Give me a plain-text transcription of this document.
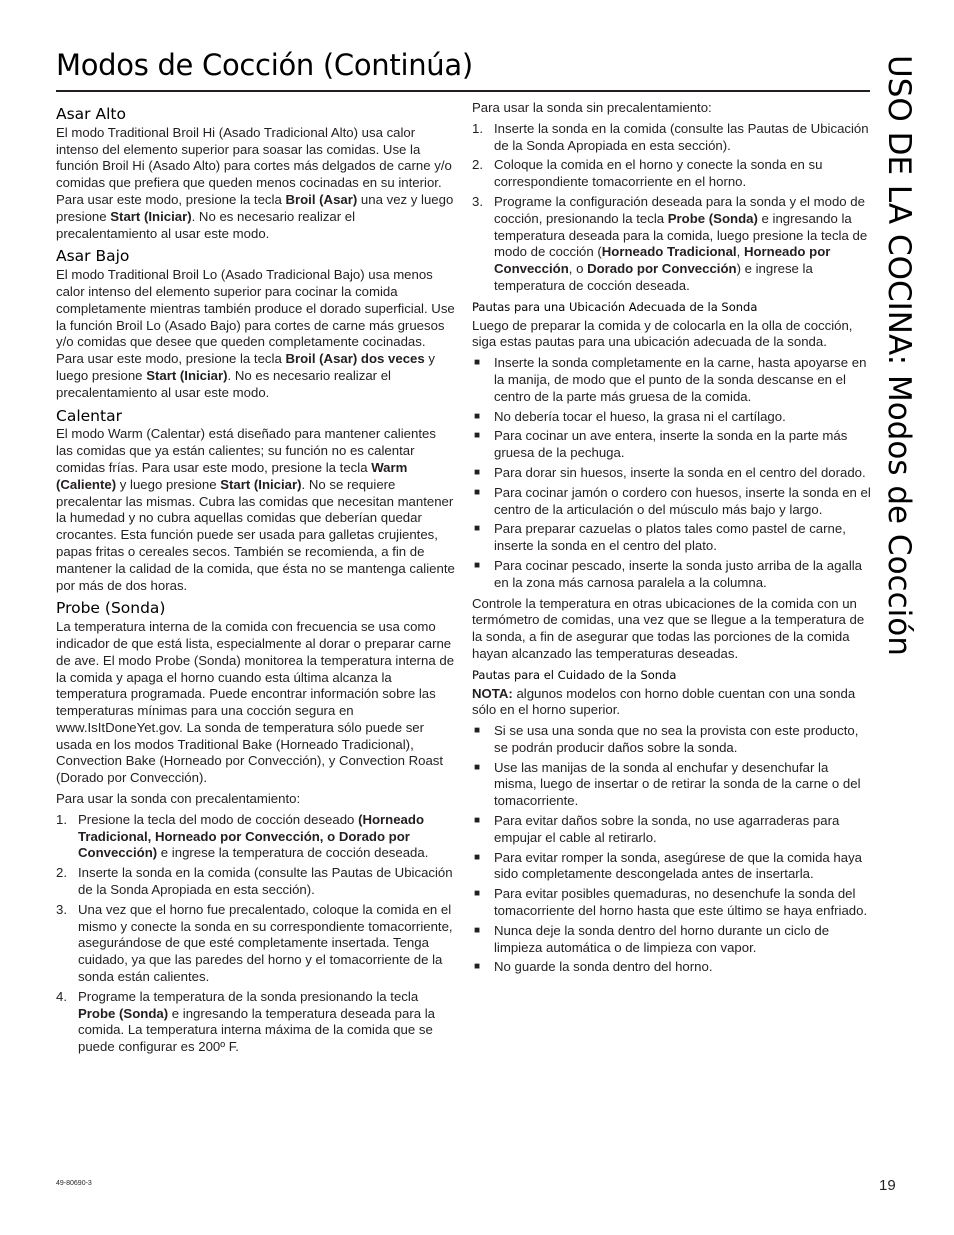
Modos de Cocción (Continúa)	USO DE LA COCINA: Modos de Cocción
Asar Alto

El modo Traditional Broil Hi (Asado Tradicional Alto) usa calor intenso del elemento superior para soasar las comidas. Use la función Broil Hi (Asado Alto) para cortes más delgados de carne y/o comidas que prefiera que queden menos cocinadas en su interior. Para usar este modo, presione la tecla Broil (Asar) una vez y luego presione Start (Iniciar). No es necesario realizar el precalentamiento al usar este modo.

Asar Bajo

El modo Traditional Broil Lo (Asado Tradicional Bajo) usa menos calor intenso del elemento superior para cocinar la comida completamente mientras también produce el dorado superficial. Use la función Broil Lo (Asado Bajo) para cortes de carne más gruesos y/o comidas que desee que queden completamente cocinadas. Para usar este modo, presione la tecla Broil (Asar) dos veces y luego presione Start (Iniciar). No es necesario realizar el precalentamiento al usar este modo.

Calentar

El modo Warm (Calentar) está diseñado para mantener calientes las comidas que ya están calientes; su función no es calentar comidas frías. Para usar este modo, presione la tecla Warm (Caliente) y luego presione Start (Iniciar). No se requiere precalentar las mismas. Cubra las comidas que necesitan mantener la humedad y no cubra aquellas comidas que deberían quedar crocantes. Esta función puede ser usada para galletas crujientes, papas fritas o cereales secos. También se recomienda, a fin de mantener la calidad de la comida, que ésta no se mantenga caliente por más de dos horas.

Probe (Sonda)

La temperatura interna de la comida con frecuencia se usa como indicador de que está lista, especialmente al dorar o preparar carne de ave. El modo Probe (Sonda) monitorea la temperatura interna de la comida y apaga el horno cuando esta última alcanza la temperatura programada. Puede encontrar información sobre las temperaturas mínimas para una cocción segura en www.IsItDoneYet.gov. La sonda de temperatura sólo puede ser usada en los modos Traditional Bake (Horneado Tradicional), Convection Bake (Horneado por Convección), y Convection Roast (Dorado por Convección).

Para usar la sonda con precalentamiento:

1. Presione la tecla del modo de cocción deseado (Horneado Tradicional, Horneado por Convección, o Dorado por Convección) e ingrese la temperatura de cocción deseada.
2. Inserte la sonda en la comida (consulte las Pautas de Ubicación de la Sonda Apropiada en esta sección).
3. Una vez que el horno fue precalentado, coloque la comida en el mismo y conecte la sonda en su correspondiente tomacorriente, asegurándose de que esté completamente insertada. Tenga cuidado, ya que las paredes del horno y el tomacorriente de la sonda están calientes.
4. Programe la temperatura de la sonda presionando la tecla Probe (Sonda) e ingresando la temperatura deseada para la comida. La temperatura interna máxima de la comida que se puede configurar es 200º F.

Para usar la sonda sin precalentamiento:

1. Inserte la sonda en la comida (consulte las Pautas de Ubicación de la Sonda Apropiada en esta sección).
2. Coloque la comida en el horno y conecte la sonda en su correspondiente tomacorriente en el horno.
3. Programe la configuración deseada para la sonda y el modo de cocción, presionando la tecla Probe (Sonda) e ingresando la temperatura deseada para la comida, luego presione la tecla de modo de cocción (Horneado Tradicional, Horneado por Convección, o Dorado por Convección) e ingrese la temperatura de cocción deseada.
Pautas para una Ubicación Adecuada de la Sonda

Luego de preparar la comida y de colocarla en la olla de cocción, siga estas pautas para una ubicación adecuada de la sonda.

■ Inserte la sonda completamente en la carne, hasta apoyarse en la manija, de modo que el punto de la sonda descanse en el centro de la parte más gruesa de la comida.
■ No debería tocar el hueso, la grasa ni el cartílago.
■ Para cocinar un ave entera, inserte la sonda en la parte más gruesa de la pechuga.
■ Para dorar sin huesos, inserte la sonda en el centro del dorado.
■ Para cocinar jamón o cordero con huesos, inserte la sonda en el centro de la articulación o del músculo más bajo y largo.
■ Para preparar cazuelas o platos tales como pastel de carne, inserte la sonda en el centro del plato.
■ Para cocinar pescado, inserte la sonda justo arriba de la agalla en la zona más carnosa paralela a la columna.

Controle la temperatura en otras ubicaciones de la comida con un termómetro de comidas, una vez que se llegue a la temperatura de la sonda, a fin de asegurar que todas las porciones de la comida hayan alcanzado las temperaturas deseadas.

Pautas para el Cuidado de la Sonda

NOTA: algunos modelos con horno doble cuentan con una sonda sólo en el horno superior.

■ Si se usa una sonda que no sea la provista con este producto, se podrán producir daños sobre la sonda.
■ Use las manijas de la sonda al enchufar y desenchufar la misma, luego de insertar o de retirar la sonda de la carne o del tomacorriente.
■ Para evitar daños sobre la sonda, no use agarraderas para empujar el cable al retirarlo.
■ Para evitar romper la sonda, asegúrese de que la comida haya sido completamente descongelada antes de insertarla.
■ Para evitar posibles quemaduras, no desenchufe la sonda del tomacorriente del horno hasta que este último se haya enfriado.
■ Nunca deje la sonda dentro del horno durante un ciclo de limpieza automática o de limpieza con vapor.
■ No guarde la sonda dentro del horno.
49-80690-3	19
